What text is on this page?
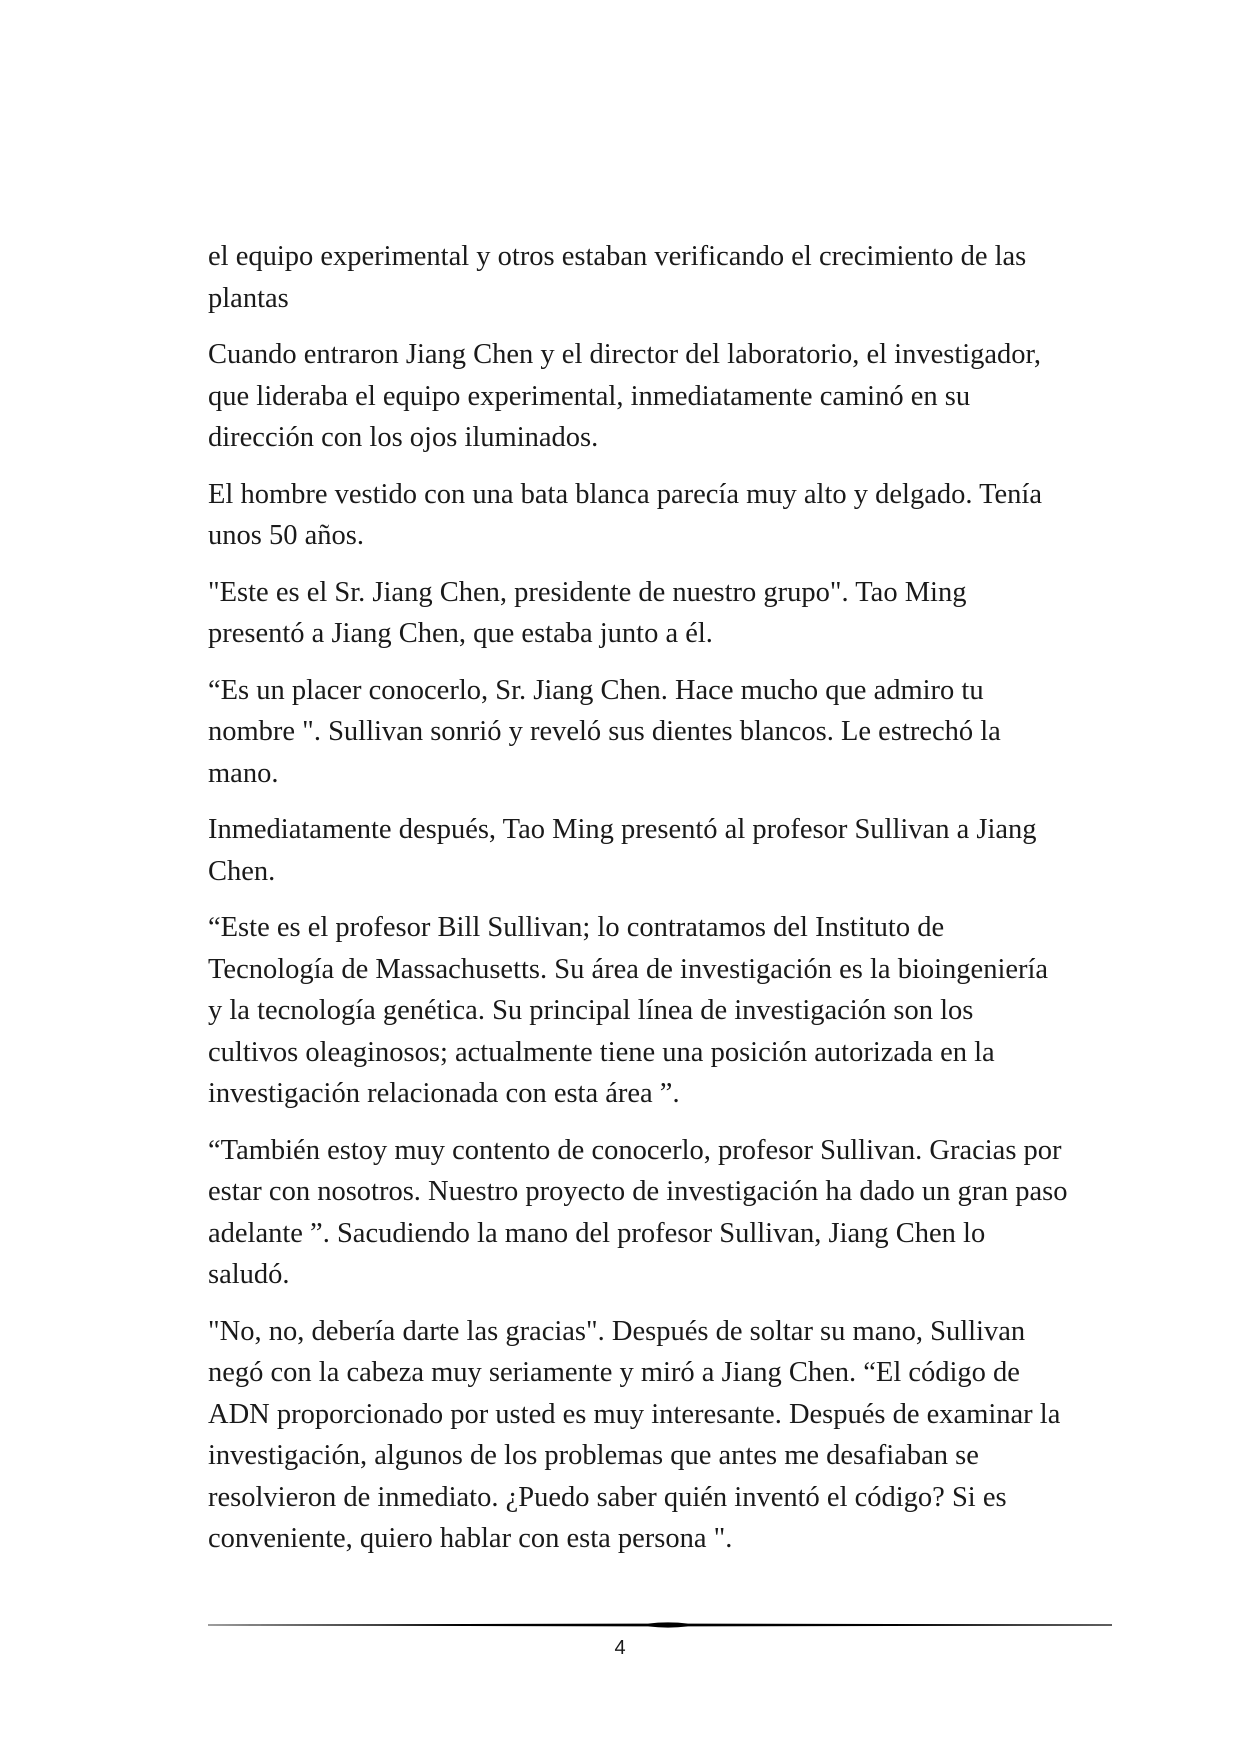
el equipo experimental y otros estaban verificando el crecimiento de las plantas

Cuando entraron Jiang Chen y el director del laboratorio, el investigador, que lideraba el equipo experimental, inmediatamente caminó en su dirección con los ojos iluminados.

El hombre vestido con una bata blanca parecía muy alto y delgado. Tenía unos 50 años.

"Este es el Sr. Jiang Chen, presidente de nuestro grupo". Tao Ming presentó a Jiang Chen, que estaba junto a él.

“Es un placer conocerlo, Sr. Jiang Chen. Hace mucho que admiro tu nombre ". Sullivan sonrió y reveló sus dientes blancos. Le estrechó la mano.

Inmediatamente después, Tao Ming presentó al profesor Sullivan a Jiang Chen.

“Este es el profesor Bill Sullivan; lo contratamos del Instituto de Tecnología de Massachusetts. Su área de investigación es la bioingeniería y la tecnología genética. Su principal línea de investigación son los cultivos oleaginosos; actualmente tiene una posición autorizada en la investigación relacionada con esta área ”.

“También estoy muy contento de conocerlo, profesor Sullivan. Gracias por estar con nosotros. Nuestro proyecto de investigación ha dado un gran paso adelante ”. Sacudiendo la mano del profesor Sullivan, Jiang Chen lo saludó.

"No, no, debería darte las gracias". Después de soltar su mano, Sullivan negó con la cabeza muy seriamente y miró a Jiang Chen. “El código de ADN proporcionado por usted es muy interesante. Después de examinar la investigación, algunos de los problemas que antes me desafiaban se resolvieron de inmediato. ¿Puedo saber quién inventó el código? Si es conveniente, quiero hablar con esta persona ".

4
